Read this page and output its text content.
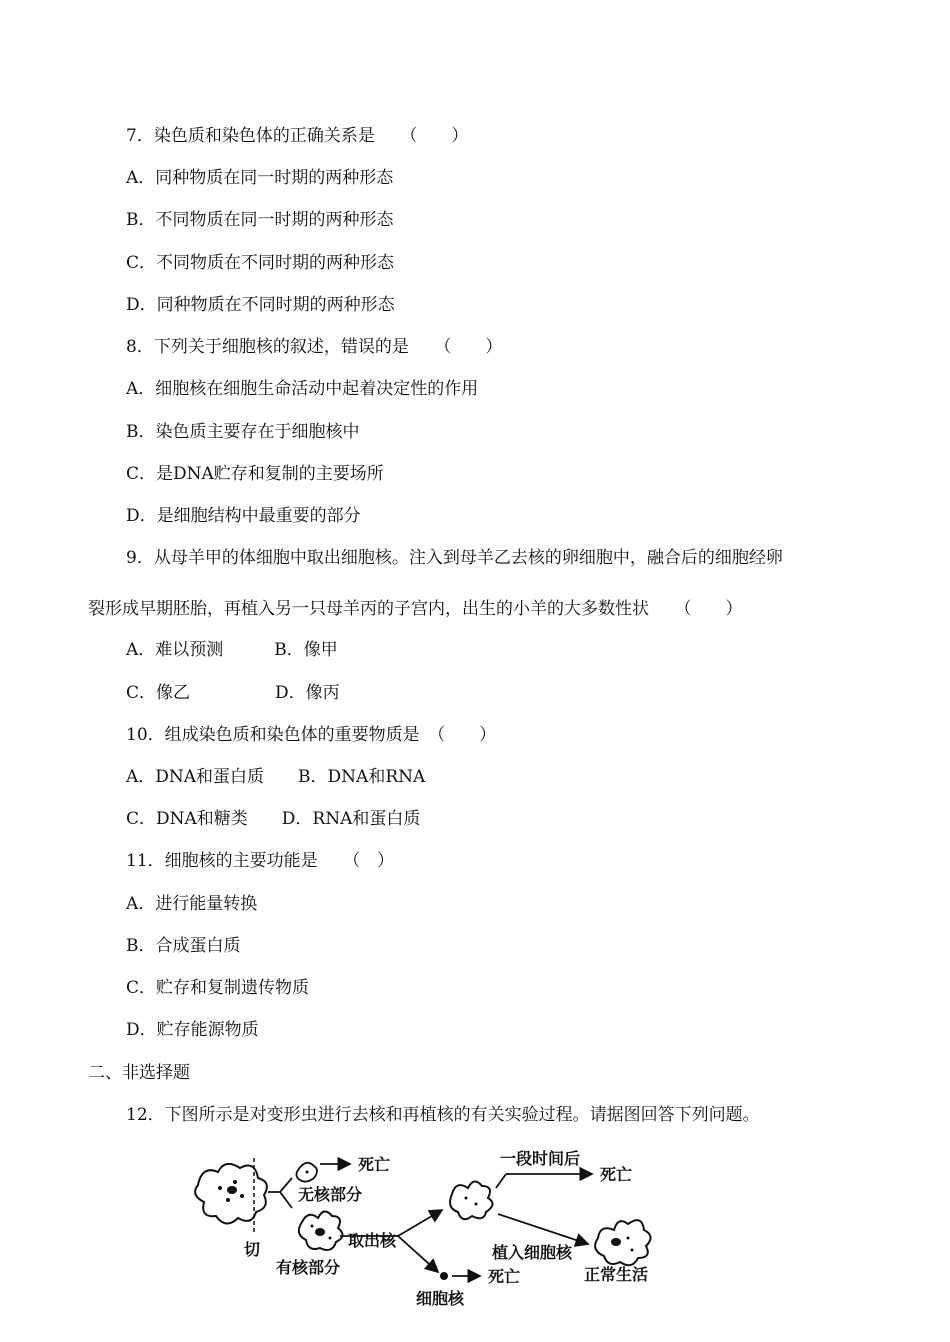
7．染色质和染色体的正确关系是　　（　　）
A．同种物质在同一时期的两种形态
B．不同物质在同一时期的两种形态
C．不同物质在不同时期的两种形态
D．同种物质在不同时期的两种形态
8．下列关于细胞核的叙述，错误的是　　（　　）
A．细胞核在细胞生命活动中起着决定性的作用
B．染色质主要存在于细胞核中
C．是DNA贮存和复制的主要场所
D．是细胞结构中最重要的部分
9．从母羊甲的体细胞中取出细胞核。注入到母羊乙去核的卵细胞中，融合后的细胞经卵
裂形成早期胚胎，再植入另一只母羊丙的子宫内，出生的小羊的大多数性状　　（　　）
A．难以预测　　　B．像甲
C．像乙　　　　　D．像丙
10．组成染色质和染色体的重要物质是　（　　）
A．DNA和蛋白质　　B．DNA和RNA
C．DNA和糖类　　D．RNA和蛋白质
11．细胞核的主要功能是　　（　）
A．进行能量转换
B．合成蛋白质
C．贮存和复制遗传物质
D．贮存能源物质
二、非选择题
12．下图所示是对变形虫进行去核和再植核的有关实验过程。请据图回答下列问题。
切
死亡
无核部分
取出核
有核部分
一段时间后
死亡
植入细胞核
正常生活
死亡
细胞核
